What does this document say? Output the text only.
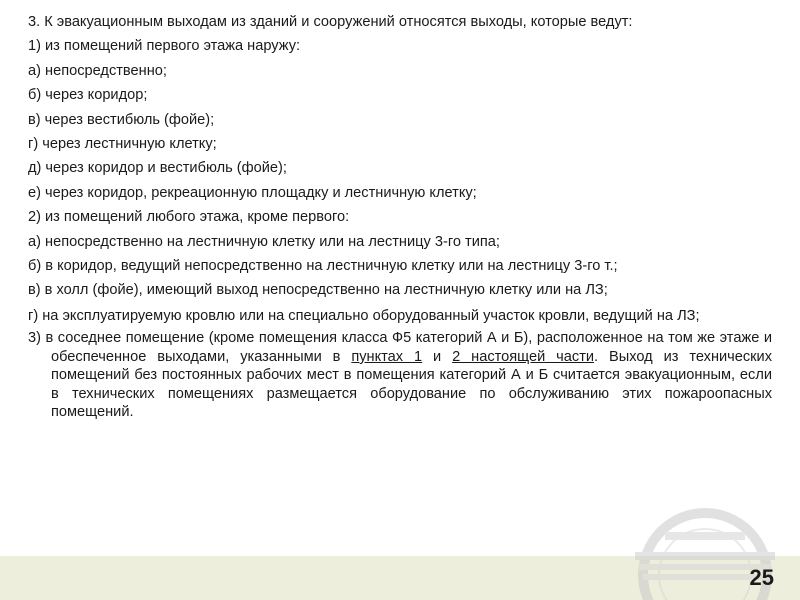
3. К эвакуационным выходам из зданий и сооружений относятся выходы, которые ведут:

1) из помещений первого этажа наружу:

а) непосредственно;

б) через коридор;

в) через вестибюль (фойе);

г) через лестничную клетку;

д) через коридор и вестибюль (фойе);

е) через коридор, рекреационную площадку и лестничную клетку;

2) из помещений любого этажа, кроме первого:

а) непосредственно на лестничную клетку или на лестницу 3-го типа;

б) в коридор, ведущий непосредственно на лестничную клетку или на лестницу 3-го т.;

в) в холл (фойе), имеющий выход непосредственно на лестничную клетку или на ЛЗ;

г) на эксплуатируемую кровлю или на специально оборудованный участок кровли, ведущий на ЛЗ;

3) в соседнее помещение (кроме помещения класса Ф5 категорий А и Б), расположенное на том же этаже и обеспеченное выходами, указанными в пунктах 1 и 2 настоящей части. Выход из технических помещений без постоянных рабочих мест в помещения категорий А и Б считается эвакуационным, если в технических помещениях размещается оборудование по обслуживанию этих пожароопасных помещений.

25
